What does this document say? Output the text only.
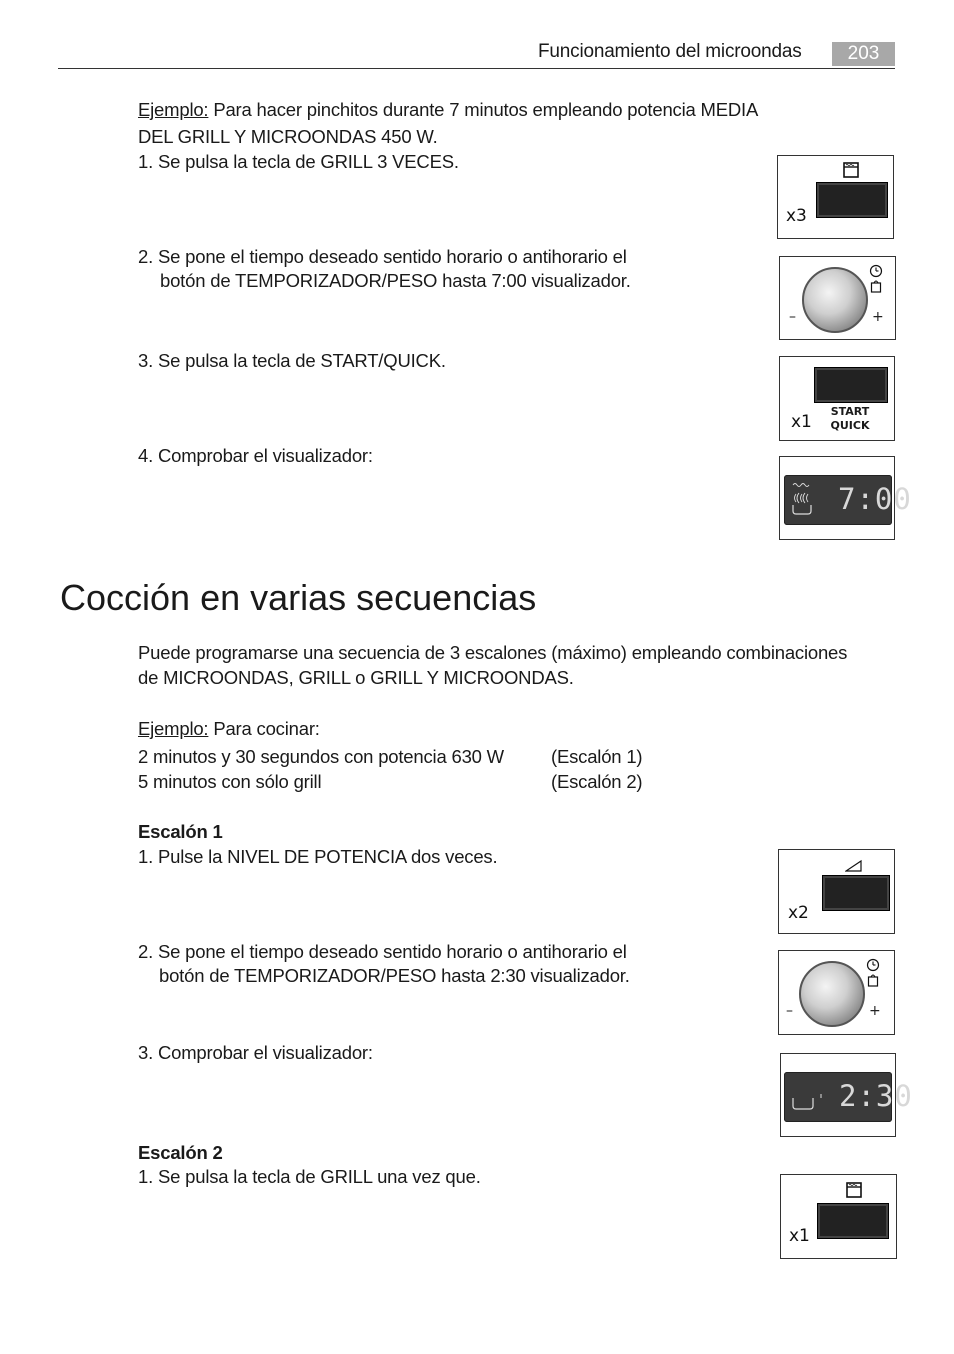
Funcionamiento del microondas	203
Ejemplo: Para hacer pinchitos durante 7 minutos empleando potencia MEDIA
DEL GRILL Y MICROONDAS 450 W.
1. Se pulsa la tecla de GRILL 3 VECES.
2. Se pone el tiempo deseado sentido horario o antihorario el
botón de TEMPORIZADOR/PESO hasta 7:00 visualizador.
3. Se pulsa la tecla de START/QUICK.
4. Comprobar el visualizador:
x3
–	+
START
QUICK
x1
7:00
Cocción en varias secuencias
Puede programarse una secuencia de 3 escalones (máximo) empleando combinaciones
de MICROONDAS, GRILL o GRILL Y MICROONDAS.
Ejemplo: Para cocinar:
2 minutos y 30 segundos con potencia 630 W	(Escalón 1)
5 minutos con sólo grill	(Escalón 2)
Escalón 1
1. Pulse la NIVEL DE POTENCIA dos veces.
2. Se pone el tiempo deseado sentido horario o antihorario el
botón de TEMPORIZADOR/PESO hasta 2:30 visualizador.
3. Comprobar el visualizador:
x2
–	+
2:30
Escalón 2
1. Se pulsa la tecla de GRILL una vez que.
x1
